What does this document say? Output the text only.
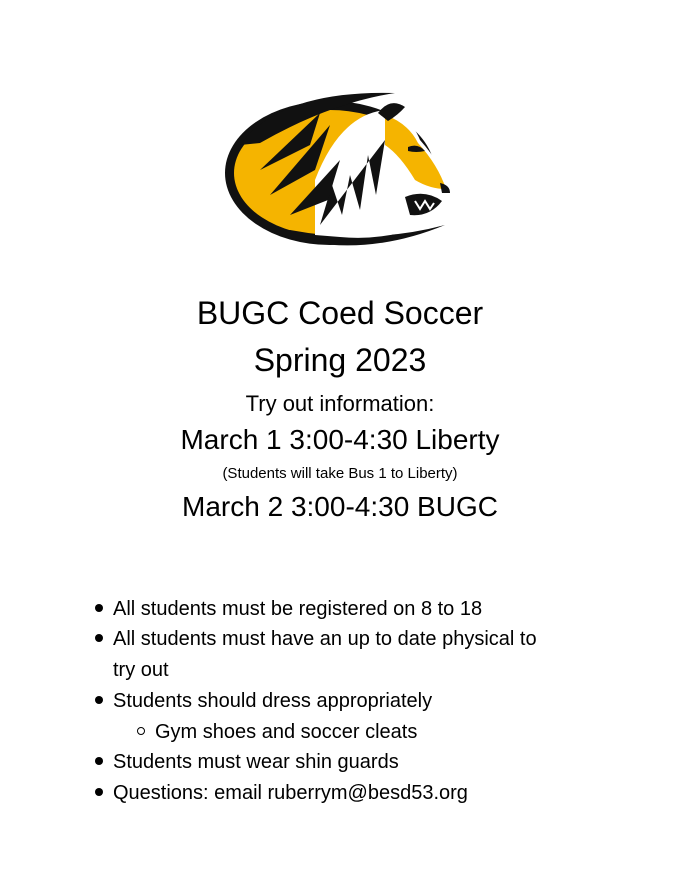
BUGC Coed Soccer
Spring 2023
Try out information:
March 1 3:00-4:30 Liberty
(Students will take Bus 1 to Liberty)
March 2 3:00-4:30 BUGC
All students must be registered on 8 to 18
All students must have an up to date physical to
try out
Students should dress appropriately
Gym shoes and soccer cleats
Students must wear shin guards
Questions: email ruberrym@besd53.org
